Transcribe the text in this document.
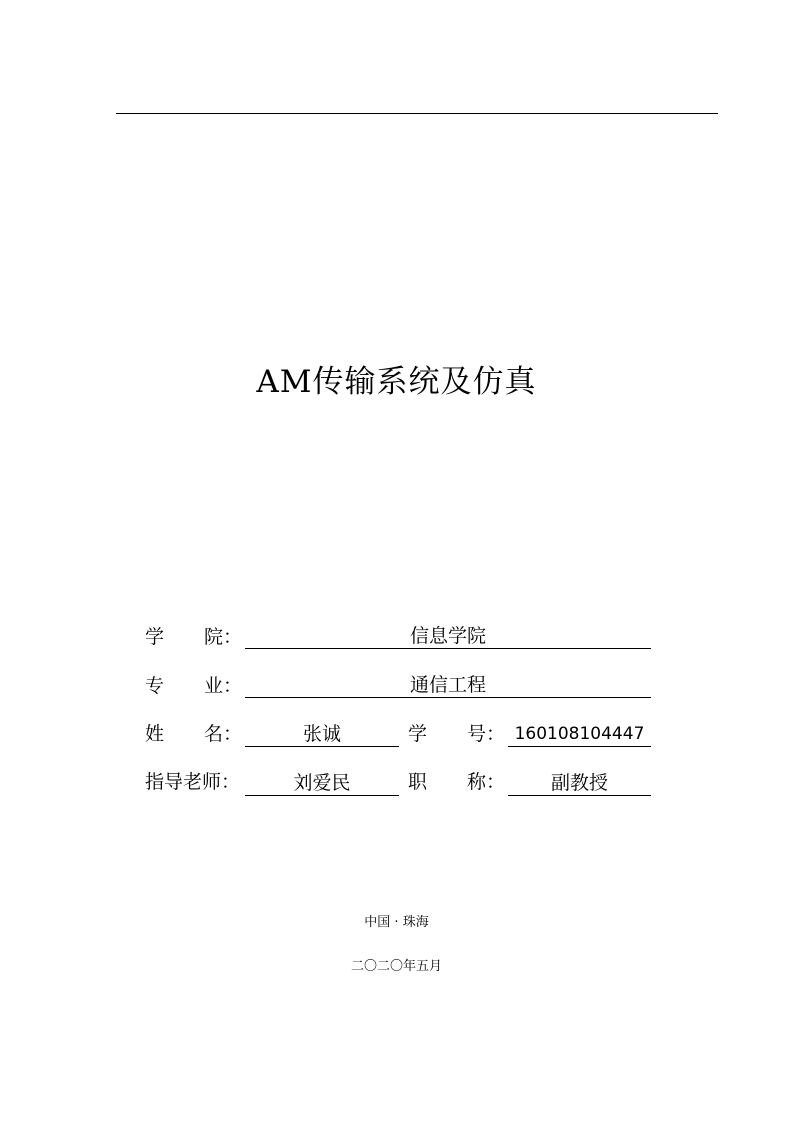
AM传输系统及仿真
学 院：	信息学院
专 业：	通信工程
姓 名：	张诚	学 号： 160108104447
指导老师：	刘爱民	职 称：	副教授
中国 · 珠海
二〇二〇年五月
